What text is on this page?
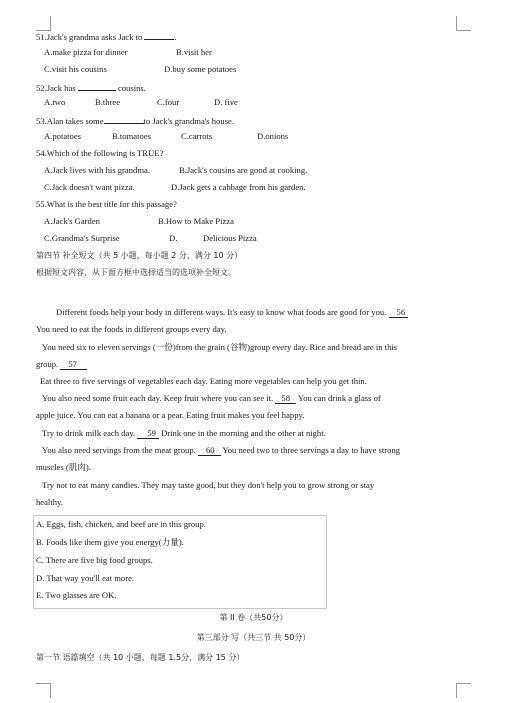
51.Jack's grandma asks Jack to	.
A.make pizza for dinner	B.visit her
C.visit his cousins	D.buy some potatoes
52.Jack has	cousins.
A.two	B.three	C.four	D. five
53.Alan takes some	to Jack's grandma's house.
A.potatoes	B.tomatoes	C.carrots	D.onions
54.Which of the following is TRUE?
A.Jack lives with his grandma.	B.Jack's cousins are good at cooking.
C.Jack doesn't want pizza.	D.Jack gets a cabbage from his garden.
55.What is the best title for this passage?
A.Jack's Garden	B.How to Make Pizza
C.Grandma's Surprise	D.	Delicious Pizza
第四节 补全短文（共 5 小题，每小题 2 分，满分 10 分）
根据短文内容，从下面方框中选择适当的选项补全短文。
Different foods help your body in different ways. It's easy to know what foods are good for you. 56
You need to eat the foods in different groups every day.
You need six to eleven servings (一份)from the grain (谷物)group every day. Rice and bread are in this
group. 57
Eat three to five servings of vegetables each day. Eating more vegetables can help you get thin.
You also need some fruit each day. Keep fruit where you can see it. 58 You can drink a glass of
apple juice. You can eat a banana or a pear. Eating fruit makes you feel happy.
Try to drink milk each day. 59 Drink one in the morning and the other at night.
You also need servings from the meat group. 60 You need two to three servings a day to have strong
muscles (肌肉).
Try not to eat many candies. They may taste good, but they don't help you to grow strong or stay
healthy.
A. Eggs, fish, chicken, and beef are in this group.
B. Foods like them give you energy(力量).
C. There are five big food groups.
D. That way you'll eat more.
E. Two glasses are OK.
第 II 卷（共50分）
第三部分 写（共三节 共 50分）
第一节 语篇填空（共 10 小题，每题 1.5分，满分 15 分）
